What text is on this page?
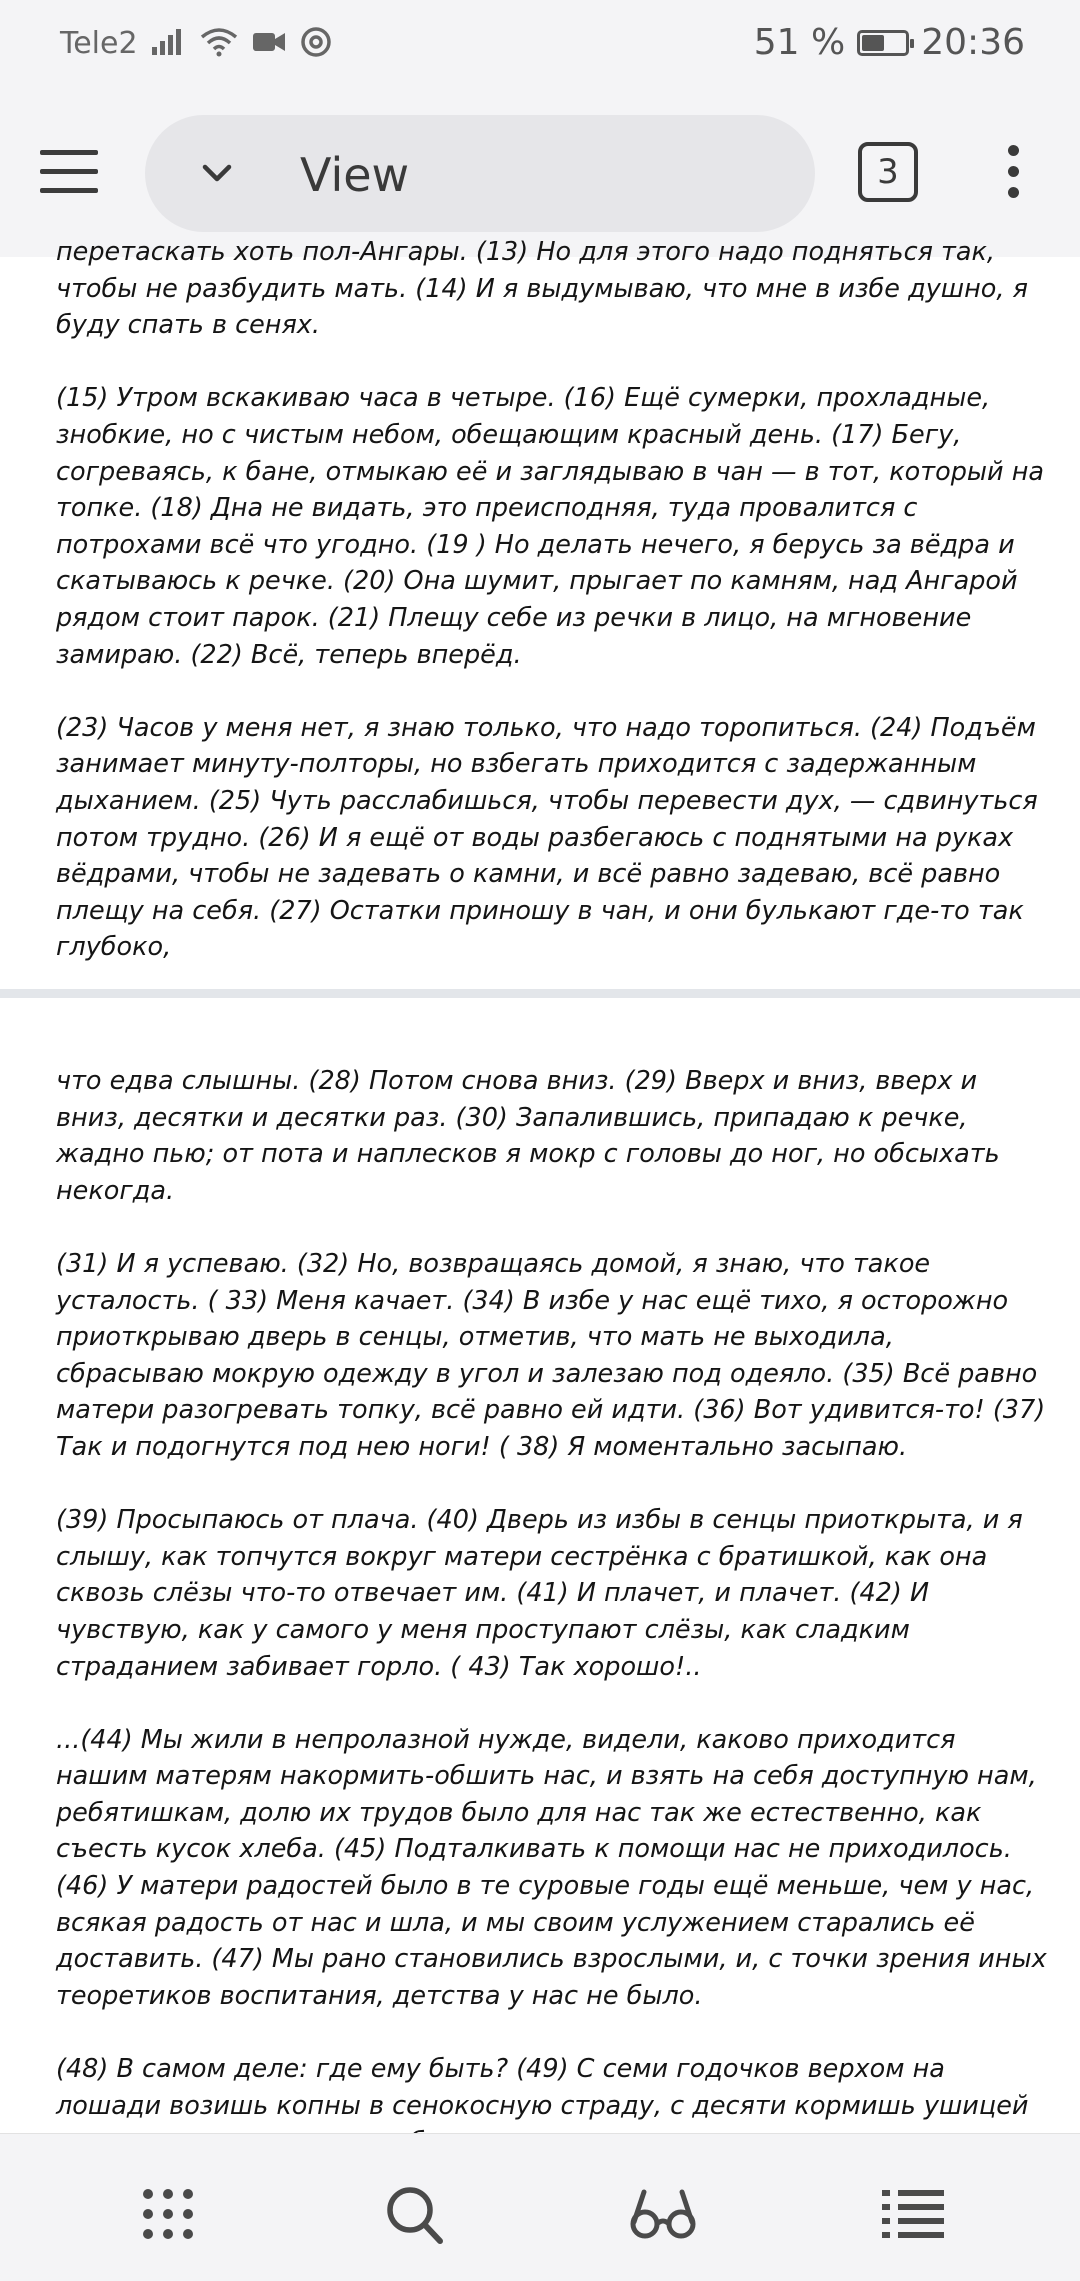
Tele2	51 % 20:36
View	3

перетаскать хоть пол-Ангары. (13) Но для этого надо подняться так, чтобы не разбудить мать. (14) И я выдумываю, что мне в избе душно, я буду спать в сенях.

(15) Утром вскакиваю часа в четыре. (16) Ещё сумерки, прохладные, знобкие, но с чистым небом, обещающим красный день. (17) Бегу, согреваясь, к бане, отмыкаю её и заглядываю в чан — в тот, который на топке. (18) Дна не видать, это преисподняя, туда провалится с потрохами всё что угодно. (19 ) Но делать нечего, я берусь за вёдра и скатываюсь к речке. (20) Она шумит, прыгает по камням, над Ангарой рядом стоит парок. (21) Плещу себе из речки в лицо, на мгновение замираю. (22) Всё, теперь вперёд.

(23) Часов у меня нет, я знаю только, что надо торопиться. (24) Подъём занимает минуту-полторы, но взбегать приходится с задержанным дыханием. (25) Чуть расслабишься, чтобы перевести дух, — сдвинуться потом трудно. (26) И я ещё от воды разбегаюсь с поднятыми на руках вёдрами, чтобы не задевать о камни, и всё равно задеваю, всё равно плещу на себя. (27) Остатки приношу в чан, и они булькают где-то так глубоко,

что едва слышны. (28) Потом снова вниз. (29) Вверх и вниз, вверх и вниз, десятки и десятки раз. (30) Запалившись, припадаю к речке, жадно пью; от пота и наплесков я мокр с головы до ног, но обсыхать некогда.

(31) И я успеваю. (32) Но, возвращаясь домой, я знаю, что такое усталость. ( 33) Меня качает. (34) В избе у нас ещё тихо, я осторожно приоткрываю дверь в сенцы, отметив, что мать не выходила, сбрасываю мокрую одежду в угол и залезаю под одеяло. (35) Всё равно матери разогревать топку, всё равно ей идти. (36) Вот удивится-то! (37) Так и подогнутся под нею ноги! ( 38) Я моментально засыпаю.

(39) Просыпаюсь от плача. (40) Дверь из избы в сенцы приоткрыта, и я слышу, как топчутся вокруг матери сестрёнка с братишкой, как она сквозь слёзы что-то отвечает им. (41) И плачет, и плачет. (42) И чувствую, как у самого у меня проступают слёзы, как сладким страданием забивает горло. ( 43) Так хорошо!..

...(44) Мы жили в непролазной нужде, видели, каково приходится нашим матерям накормить-обшить нас, и взять на себя доступную нам, ребятишкам, долю их трудов было для нас так же естественно, как съесть кусок хлеба. (45) Подталкивать к помощи нас не приходилось. (46) У матери радостей было в те суровые годы ещё меньше, чем у нас, всякая радость от нас и шла, и мы своим услужением старались её доставить. (47) Мы рано становились взрослыми, и, с точки зрения иных теоретиков воспитания, детства у нас не было.

(48) В самом деле: где ему быть? (49) С семи годочков верхом на лошади возишь копны в сенокосную страду, с десяти кормишь ушицей
